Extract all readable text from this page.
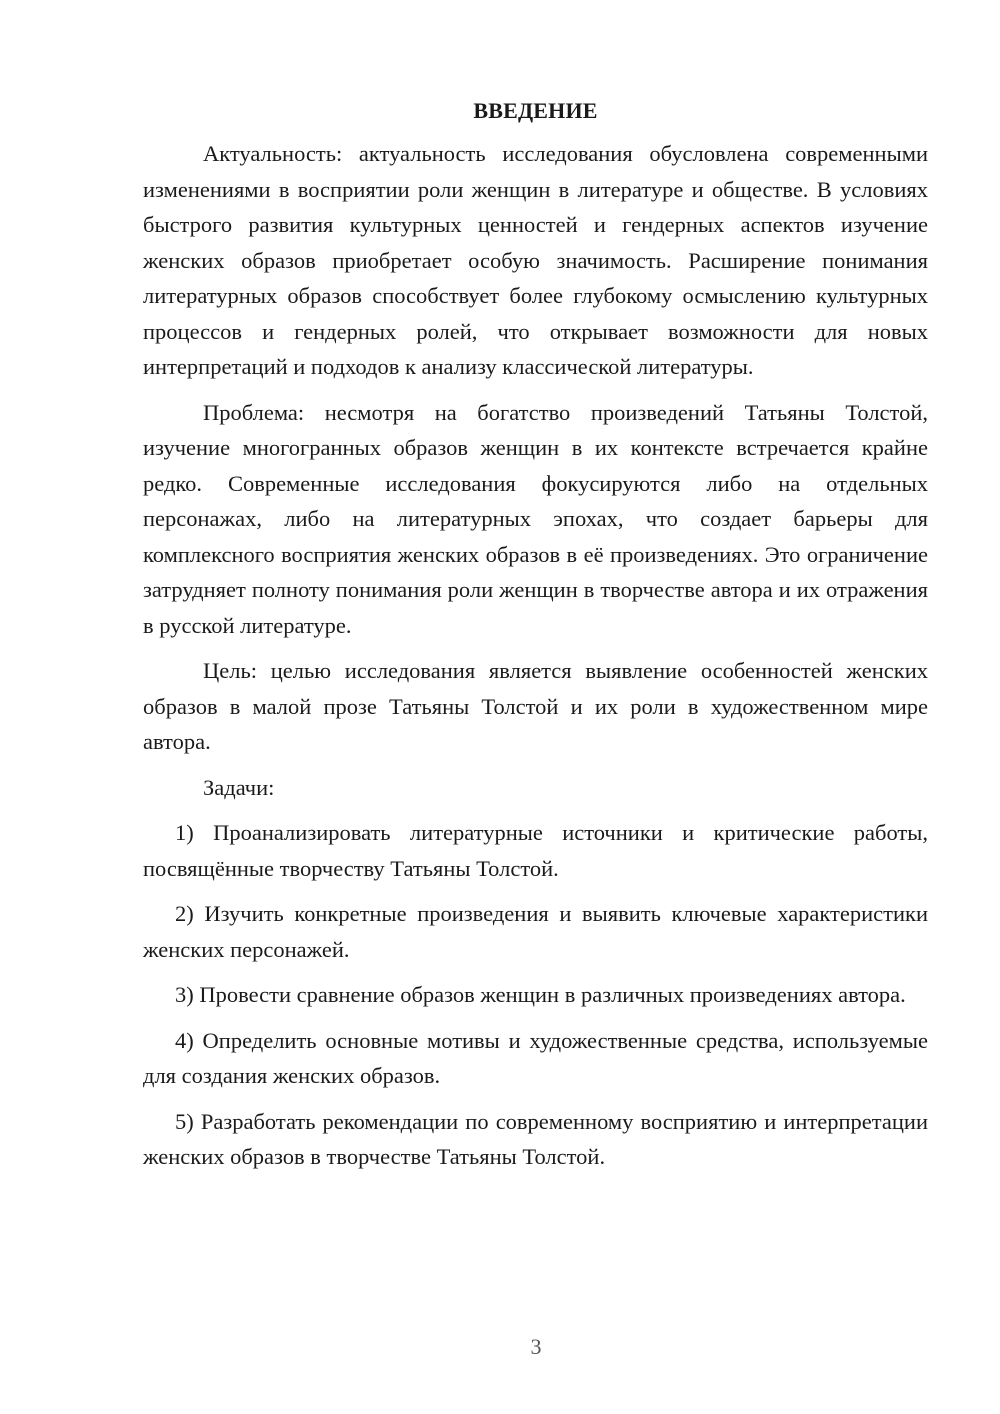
ВВЕДЕНИЕ

Актуальность: актуальность исследования обусловлена современными изменениями в восприятии роли женщин в литературе и обществе. В условиях быстрого развития культурных ценностей и гендерных аспектов изучение женских образов приобретает особую значимость. Расширение понимания литературных образов способствует более глубокому осмыслению культурных процессов и гендерных ролей, что открывает возможности для новых интерпретаций и подходов к анализу классической литературы.

Проблема: несмотря на богатство произведений Татьяны Толстой, изучение многогранных образов женщин в их контексте встречается крайне редко. Современные исследования фокусируются либо на отдельных персонажах, либо на литературных эпохах, что создает барьеры для комплексного восприятия женских образов в её произведениях. Это ограничение затрудняет полноту понимания роли женщин в творчестве автора и их отражения в русской литературе.

Цель: целью исследования является выявление особенностей женских образов в малой прозе Татьяны Толстой и их роли в художественном мире автора.

Задачи:

1) Проанализировать литературные источники и критические работы, посвящённые творчеству Татьяны Толстой.

2) Изучить конкретные произведения и выявить ключевые характеристики женских персонажей.

3) Провести сравнение образов женщин в различных произведениях автора.

4) Определить основные мотивы и художественные средства, используемые для создания женских образов.

5) Разработать рекомендации по современному восприятию и интерпретации женских образов в творчестве Татьяны Толстой.

3
